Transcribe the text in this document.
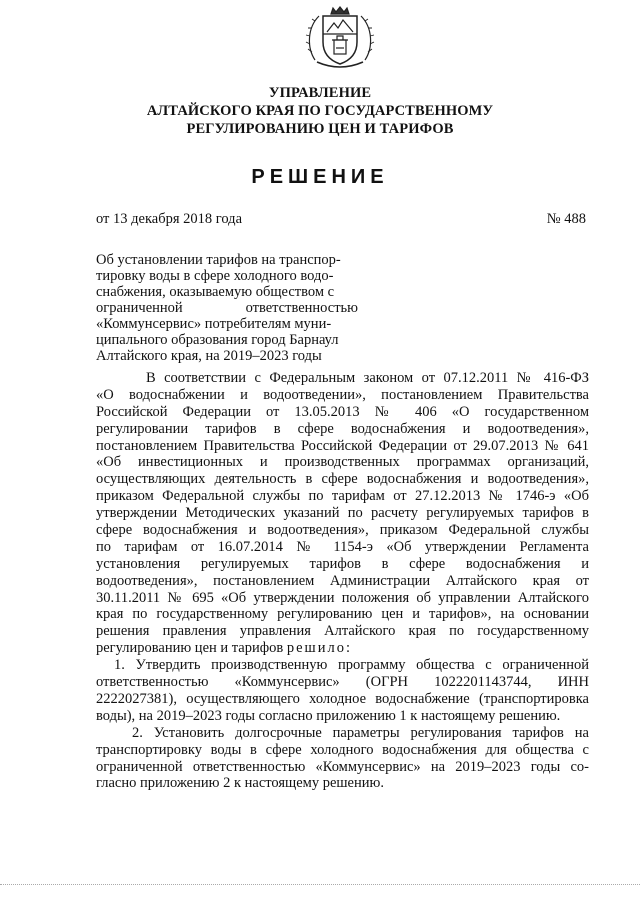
УПРАВЛЕНИЕ
АЛТАЙСКОГО КРАЯ ПО ГОСУДАРСТВЕННОМУ
РЕГУЛИРОВАНИЮ ЦЕН И ТАРИФОВ
РЕШЕНИЕ
от 13 декабря 2018 года	№ 488
Об установлении тарифов на транспор-
тировку воды в сфере холодного водо-
снабжения, оказываемую обществом с
ограниченной ответственностью
«Коммунсервис» потребителям муни-
ципального образования город Барнаул
Алтайского края, на 2019–2023 годы
В соответствии с Федеральным законом от 07.12.2011 № 416-ФЗ
«О водоснабжении и водоотведении», постановлением Правительства
Российской Федерации от 13.05.2013 № 406 «О государственном
регулировании тарифов в сфере водоснабжения и водоотведения»,
постановлением Правительства Российской Федерации от 29.07.2013 № 641
«Об инвестиционных и производственных программах организаций,
осуществляющих деятельность в сфере водоснабжения и водоотведения»,
приказом Федеральной службы по тарифам от 27.12.2013 № 1746-э «Об
утверждении Методических указаний по расчету регулируемых тарифов в
сфере водоснабжения и водоотведения», приказом Федеральной службы
по тарифам от 16.07.2014 № 1154-э «Об утверждении Регламента
установления регулируемых тарифов в сфере водоснабжения и
водоотведения», постановлением Администрации Алтайского края от
30.11.2011 № 695 «Об утверждении положения об управлении Алтайского
края по государственному регулированию цен и тарифов», на основании
решения правления управления Алтайского края по государственному
регулированию цен и тарифов решило:
1. Утвердить производственную программу общества с ограниченной
ответственностью «Коммунсервис» (ОГРН 1022201143744, ИНН
2222027381), осуществляющего холодное водоснабжение (транспортировка
воды), на 2019–2023 годы согласно приложению 1 к настоящему решению.
2. Установить долгосрочные параметры регулирования тарифов на
транспортировку воды в сфере холодного водоснабжения для общества с
ограниченной ответственностью «Коммунсервис» на 2019–2023 годы со-
гласно приложению 2 к настоящему решению.
